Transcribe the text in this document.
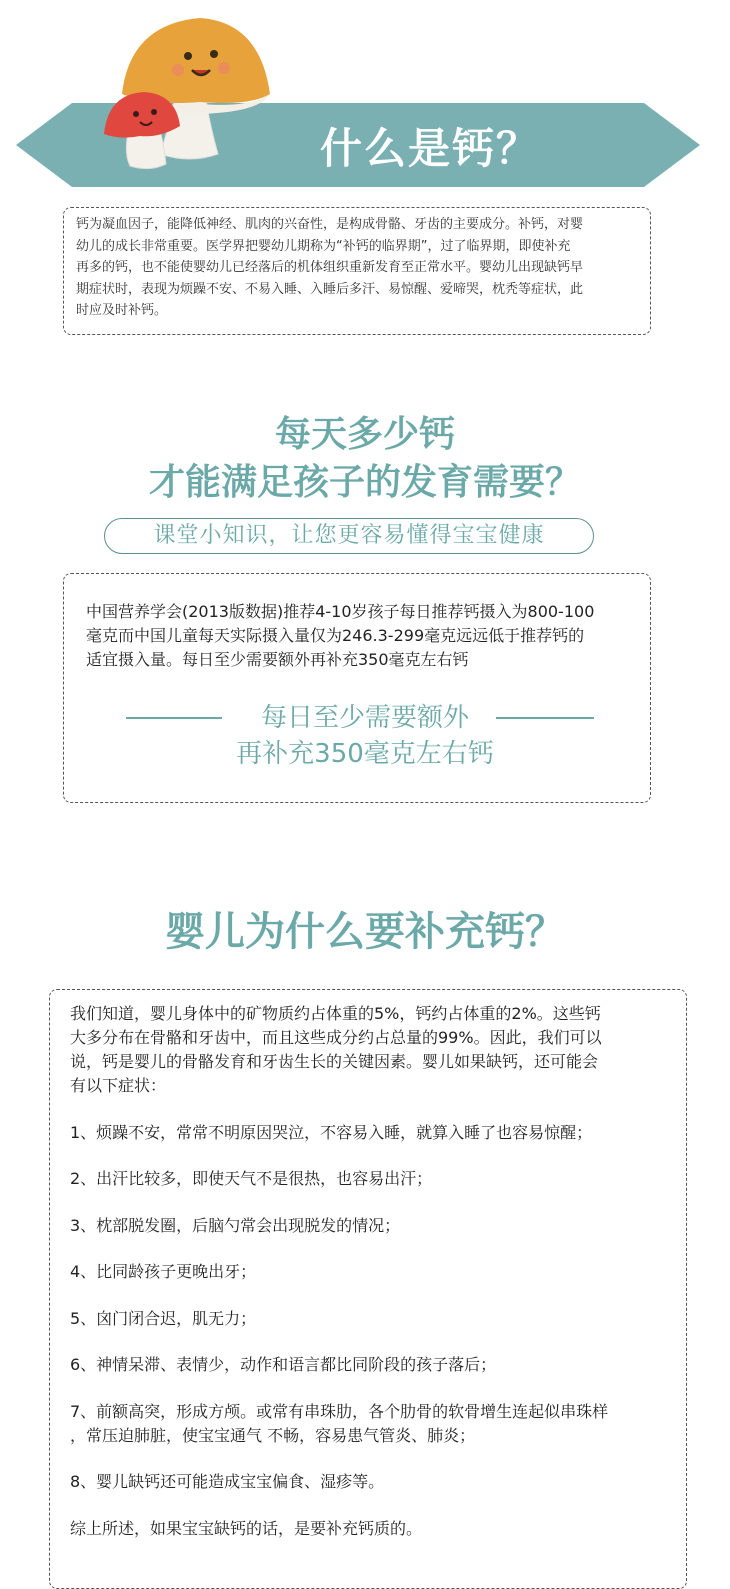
什么是钙？

钙为凝血因子，能降低神经、肌肉的兴奋性，是构成骨骼、牙齿的主要成分。补钙，对婴

幼儿的成长非常重要。医学界把婴幼儿期称为“补钙的临界期”，过了临界期，即使补充

再多的钙，也不能使婴幼儿已经落后的机体组织重新发育至正常水平。婴幼儿出现缺钙早

期症状时，表现为烦躁不安、不易入睡、入睡后多汗、易惊醒、爱啼哭，枕秃等症状，此

时应及时补钙。

每天多少钙
才能满足孩子的发育需要？
课堂小知识，让您更容易懂得宝宝健康

中国营养学会(2013版数据)推荐4-10岁孩子每日推荐钙摄入为800-100

毫克而中国儿童每天实际摄入量仅为246.3-299毫克远远低于推荐钙的

适宜摄入量。每日至少需要额外再补充350毫克左右钙

每日至少需要额外
再补充350毫克左右钙
婴儿为什么要补充钙？

我们知道，婴儿身体中的矿物质约占体重的5%，钙约占体重的2%。这些钙

大多分布在骨骼和牙齿中，而且这些成分约占总量的99%。因此，我们可以

说，钙是婴儿的骨骼发育和牙齿生长的关键因素。婴儿如果缺钙，还可能会

有以下症状：

1、烦躁不安，常常不明原因哭泣，不容易入睡，就算入睡了也容易惊醒；
2、出汗比较多，即使天气不是很热，也容易出汗；
3、枕部脱发圈，后脑勺常会出现脱发的情况；
4、比同龄孩子更晚出牙；
5、囟门闭合迟，肌无力；
6、神情呆滞、表情少，动作和语言都比同阶段的孩子落后；
7、前额高突，形成方颅。或常有串珠肋，各个肋骨的软骨增生连起似串珠样
，常压迫肺脏，使宝宝通气 不畅，容易患气管炎、肺炎；
8、婴儿缺钙还可能造成宝宝偏食、湿疹等。
综上所述，如果宝宝缺钙的话，是要补充钙质的。
